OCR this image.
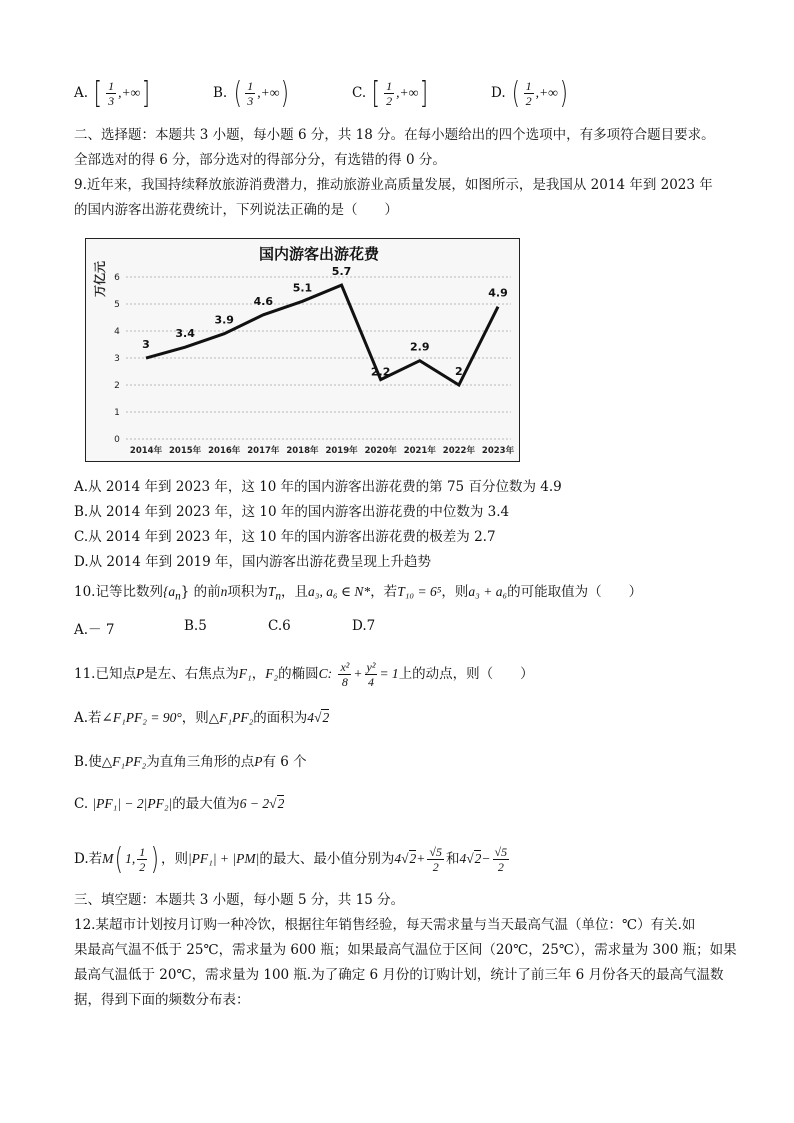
A. [ $\frac{1}{3}$ ,+∞]	B. ( $\frac{1}{3}$ ,+∞)	C. [ $\frac{1}{2}$ ,+∞]	D. ( $\frac{1}{2}$ ,+∞)
二、选择题：本题共 3 小题，每小题 6 分，共 18 分。在每小题给出的四个选项中，有多项符合题目要求。
全部选对的得 6 分，部分选对的得部分分，有选错的得 0 分。
9.近年来，我国持续释放旅游消费潜力，推动旅游业高质量发展，如图所示，是我国从 2014 年到 2023 年
的国内游客出游花费统计，下列说法正确的是（　　）
0
1
2
3
4
5
6
2014年 2015年 2016年 2017年 2018年 2019年 2020年 2021年 2022年 2023年
3
3.4
3.9
4.6
5.1
5.7
2.2
2.9
2
4.9
国内游客出游花费
万亿元
A.从 2014 年到 2023 年，这 10 年的国内游客出游花费的第 75 百分位数为 4.9
B.从 2014 年到 2023 年，这 10 年的国内游客出游花费的中位数为 3.4
C.从 2014 年到 2023 年，这 10 年的国内游客出游花费的极差为 2.7
D.从 2014 年到 2019 年，国内游客出游花费呈现上升趋势
10.记等比数列$\{a_n\}$ 的前n项积为$T_n$，且a₃, a₆ ∈ N*，若T₁₀ = 6⁵，则a₃ + a₆的可能取值为（　　）
A.－ 7	B.5	C.6	D.7
11.已知点P是左、右焦点为F₁，F₂的椭圆C: $\frac{\text{x²}}{8} + \frac{\text{y²}}{4} = 1$上的动点，则（　　）
A.若∠F₁PF₂ = 90°，则△F₁PF₂的面积为4√2
B.使△F₁PF₂为直角三角形的点P有 6 个
C. |PF₁| − 2|PF₂|的最大值为6 − 2√2
D.若M( 1, $\frac{1}{2}$ ) ，则|PF₁| + |PM|的最大、最小值分别为$4√2+ \frac{√5}{2}$ 和$4√2- \frac{√5}{2}$
三、填空题：本题共 3 小题，每小题 5 分，共 15 分。
12.某超市计划按月订购一种冷饮，根据往年销售经验，每天需求量与当天最高气温（单位：℃）有关.如
果最高气温不低于 25℃，需求量为 600 瓶；如果最高气温位于区间（20℃，25℃），需求量为 300 瓶；如果
最高气温低于 20℃，需求量为 100 瓶.为了确定 6 月份的订购计划，统计了前三年 6 月份各天的最高气温数
据，得到下面的频数分布表：
